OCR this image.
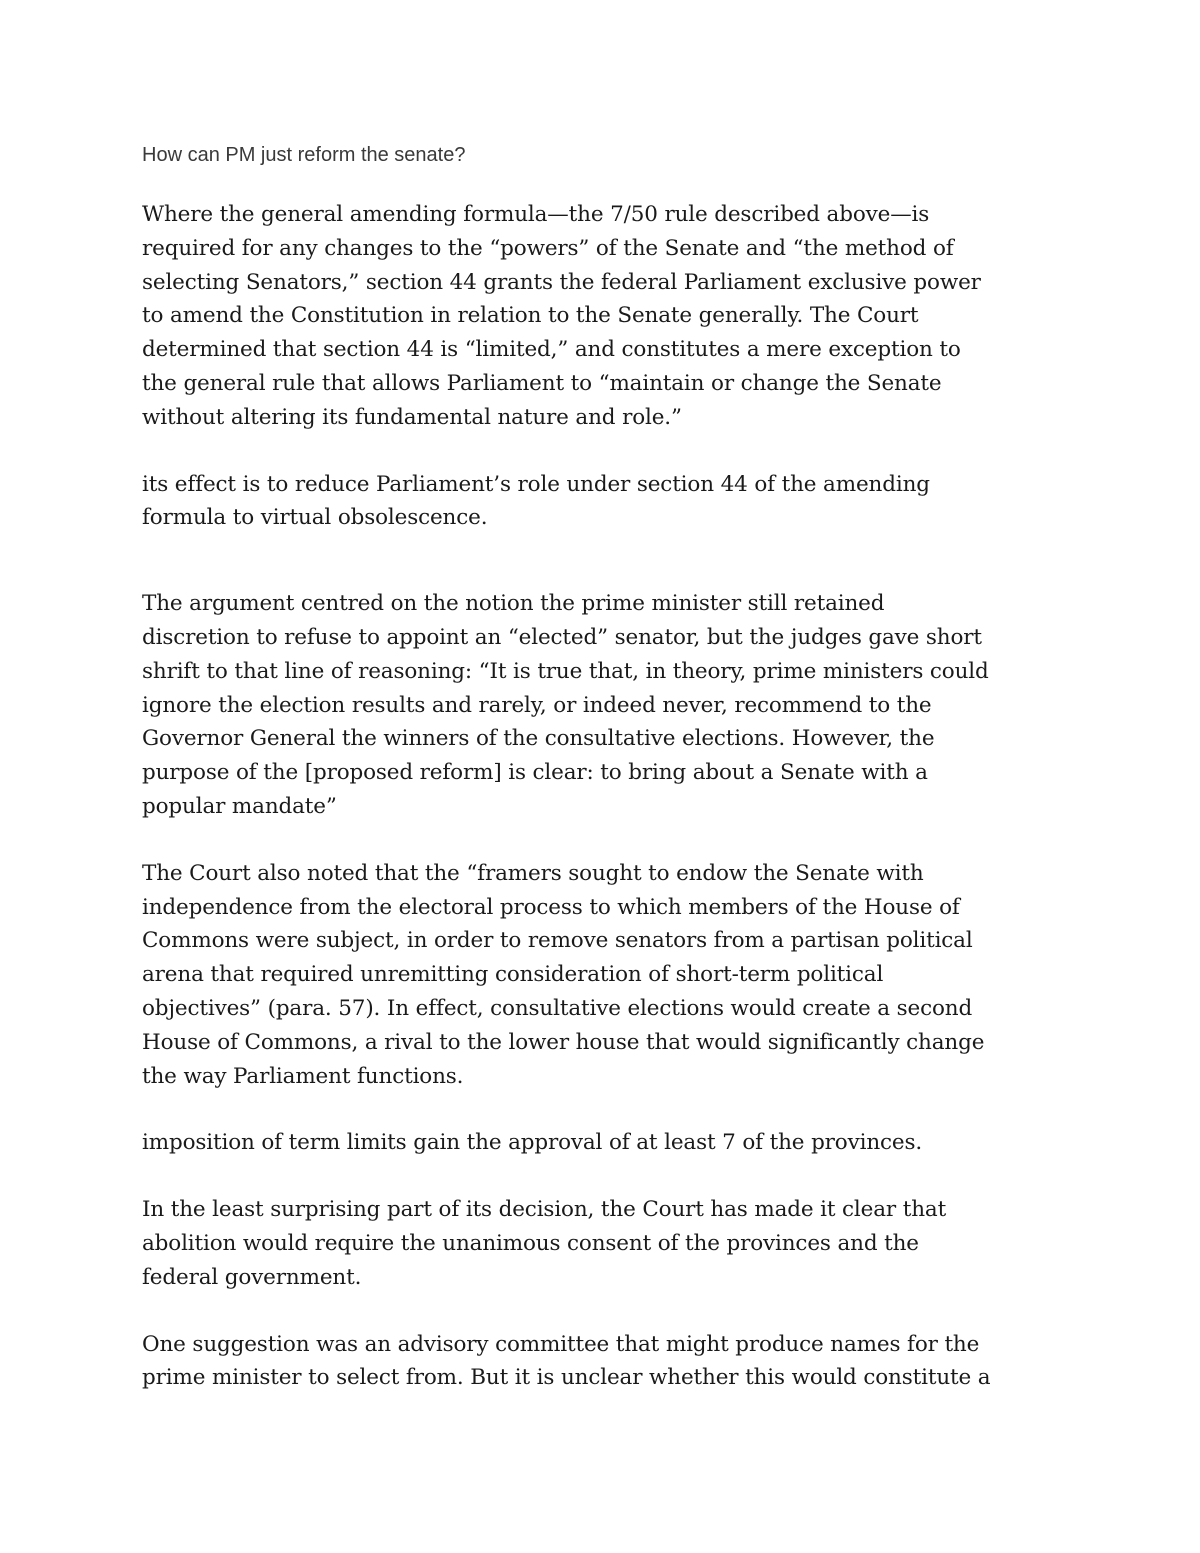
How can PM just reform the senate?
Where the general amending formula—the 7/50 rule described above—is
required for any changes to the “powers” of the Senate and “the method of
selecting Senators,” section 44 grants the federal Parliament exclusive power
to amend the Constitution in relation to the Senate generally. The Court
determined that section 44 is “limited,” and constitutes a mere exception to
the general rule that allows Parliament to “maintain or change the Senate
without altering its fundamental nature and role.”
its effect is to reduce Parliament’s role under section 44 of the amending
formula to virtual obsolescence.
The argument centred on the notion the prime minister still retained
discretion to refuse to appoint an “elected” senator, but the judges gave short
shrift to that line of reasoning: “It is true that, in theory, prime ministers could
ignore the election results and rarely, or indeed never, recommend to the
Governor General the winners of the consultative elections. However, the
purpose of the [proposed reform] is clear: to bring about a Senate with a
popular mandate”
The Court also noted that the “framers sought to endow the Senate with
independence from the electoral process to which members of the House of
Commons were subject, in order to remove senators from a partisan political
arena that required unremitting consideration of short-term political
objectives” (para. 57). In effect, consultative elections would create a second
House of Commons, a rival to the lower house that would significantly change
the way Parliament functions.
imposition of term limits gain the approval of at least 7 of the provinces.
In the least surprising part of its decision, the Court has made it clear that
abolition would require the unanimous consent of the provinces and the
federal government.
One suggestion was an advisory committee that might produce names for the
prime minister to select from. But it is unclear whether this would constitute a
